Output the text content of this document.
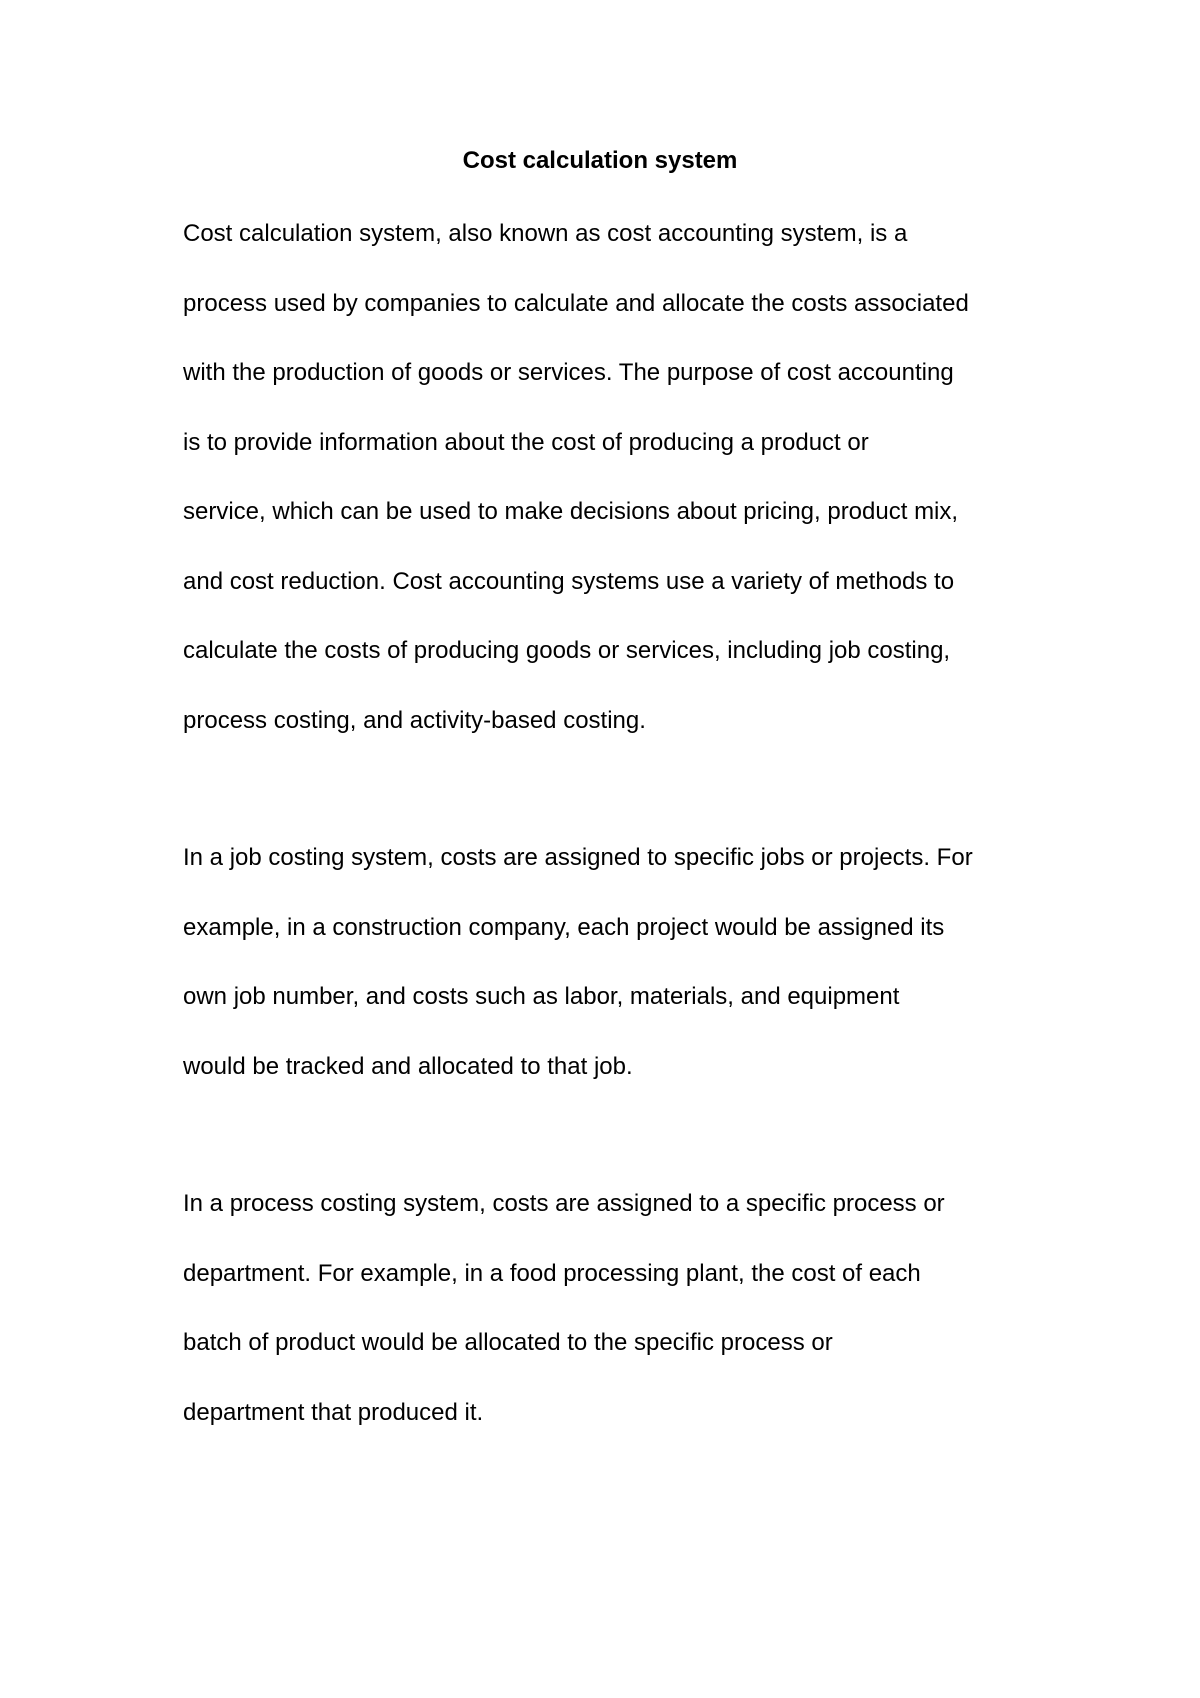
Cost calculation system
Cost calculation system, also known as cost accounting system, is a
process used by companies to calculate and allocate the costs associated
with the production of goods or services. The purpose of cost accounting
is to provide information about the cost of producing a product or
service, which can be used to make decisions about pricing, product mix,
and cost reduction. Cost accounting systems use a variety of methods to
calculate the costs of producing goods or services, including job costing,
process costing, and activity-based costing.
In a job costing system, costs are assigned to specific jobs or projects. For
example, in a construction company, each project would be assigned its
own job number, and costs such as labor, materials, and equipment
would be tracked and allocated to that job.
In a process costing system, costs are assigned to a specific process or
department. For example, in a food processing plant, the cost of each
batch of product would be allocated to the specific process or
department that produced it.
